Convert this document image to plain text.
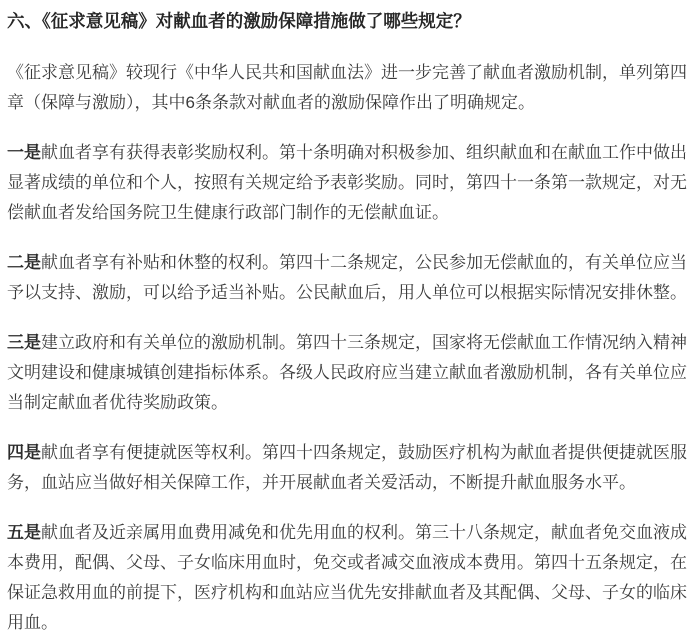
六、《征求意见稿》对献血者的激励保障措施做了哪些规定？

《征求意见稿》较现行《中华人民共和国献血法》进一步完善了献血者激励机制，单列第四章（保障与激励），其中6条条款对献血者的激励保障作出了明确规定。

一是献血者享有获得表彰奖励权利。第十条明确对积极参加、组织献血和在献血工作中做出显著成绩的单位和个人，按照有关规定给予表彰奖励。同时，第四十一条第一款规定，对无偿献血者发给国务院卫生健康行政部门制作的无偿献血证。

二是献血者享有补贴和休整的权利。第四十二条规定，公民参加无偿献血的，有关单位应当予以支持、激励，可以给予适当补贴。公民献血后，用人单位可以根据实际情况安排休整。

三是建立政府和有关单位的激励机制。第四十三条规定，国家将无偿献血工作情况纳入精神文明建设和健康城镇创建指标体系。各级人民政府应当建立献血者激励机制，各有关单位应当制定献血者优待奖励政策。

四是献血者享有便捷就医等权利。第四十四条规定，鼓励医疗机构为献血者提供便捷就医服务，血站应当做好相关保障工作，并开展献血者关爱活动，不断提升献血服务水平。

五是献血者及近亲属用血费用减免和优先用血的权利。第三十八条规定，献血者免交血液成本费用，配偶、父母、子女临床用血时，免交或者减交血液成本费用。第四十五条规定，在保证急救用血的前提下，医疗机构和血站应当优先安排献血者及其配偶、父母、子女的临床用血。
